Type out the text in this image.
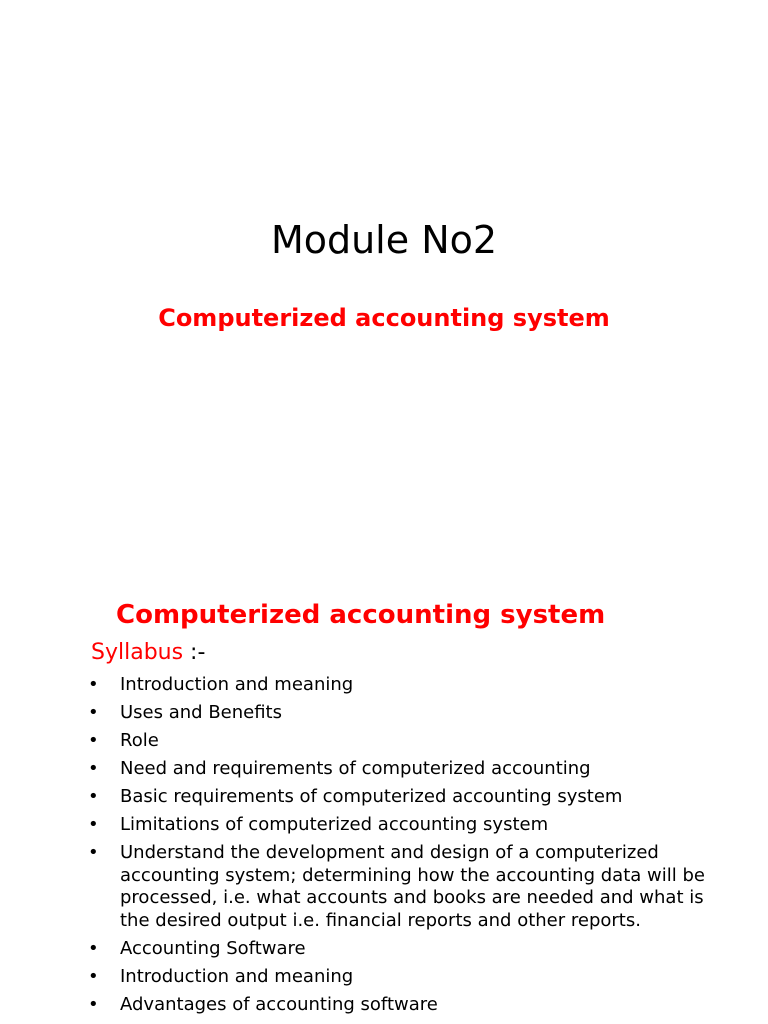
Module No2
Computerized accounting system
Computerized accounting system

Syllabus :-

• Introduction and meaning
• Uses and Benefits
• Role
• Need and requirements of computerized accounting
• Basic requirements of computerized accounting system
• Limitations of computerized accounting system
• Understand the development and design of a computerized accounting system; determining how the accounting data will be processed, i.e. what accounts and books are needed and what is the desired output i.e. financial reports and other reports.
• Accounting Software
• Introduction and meaning
• Advantages of accounting software
